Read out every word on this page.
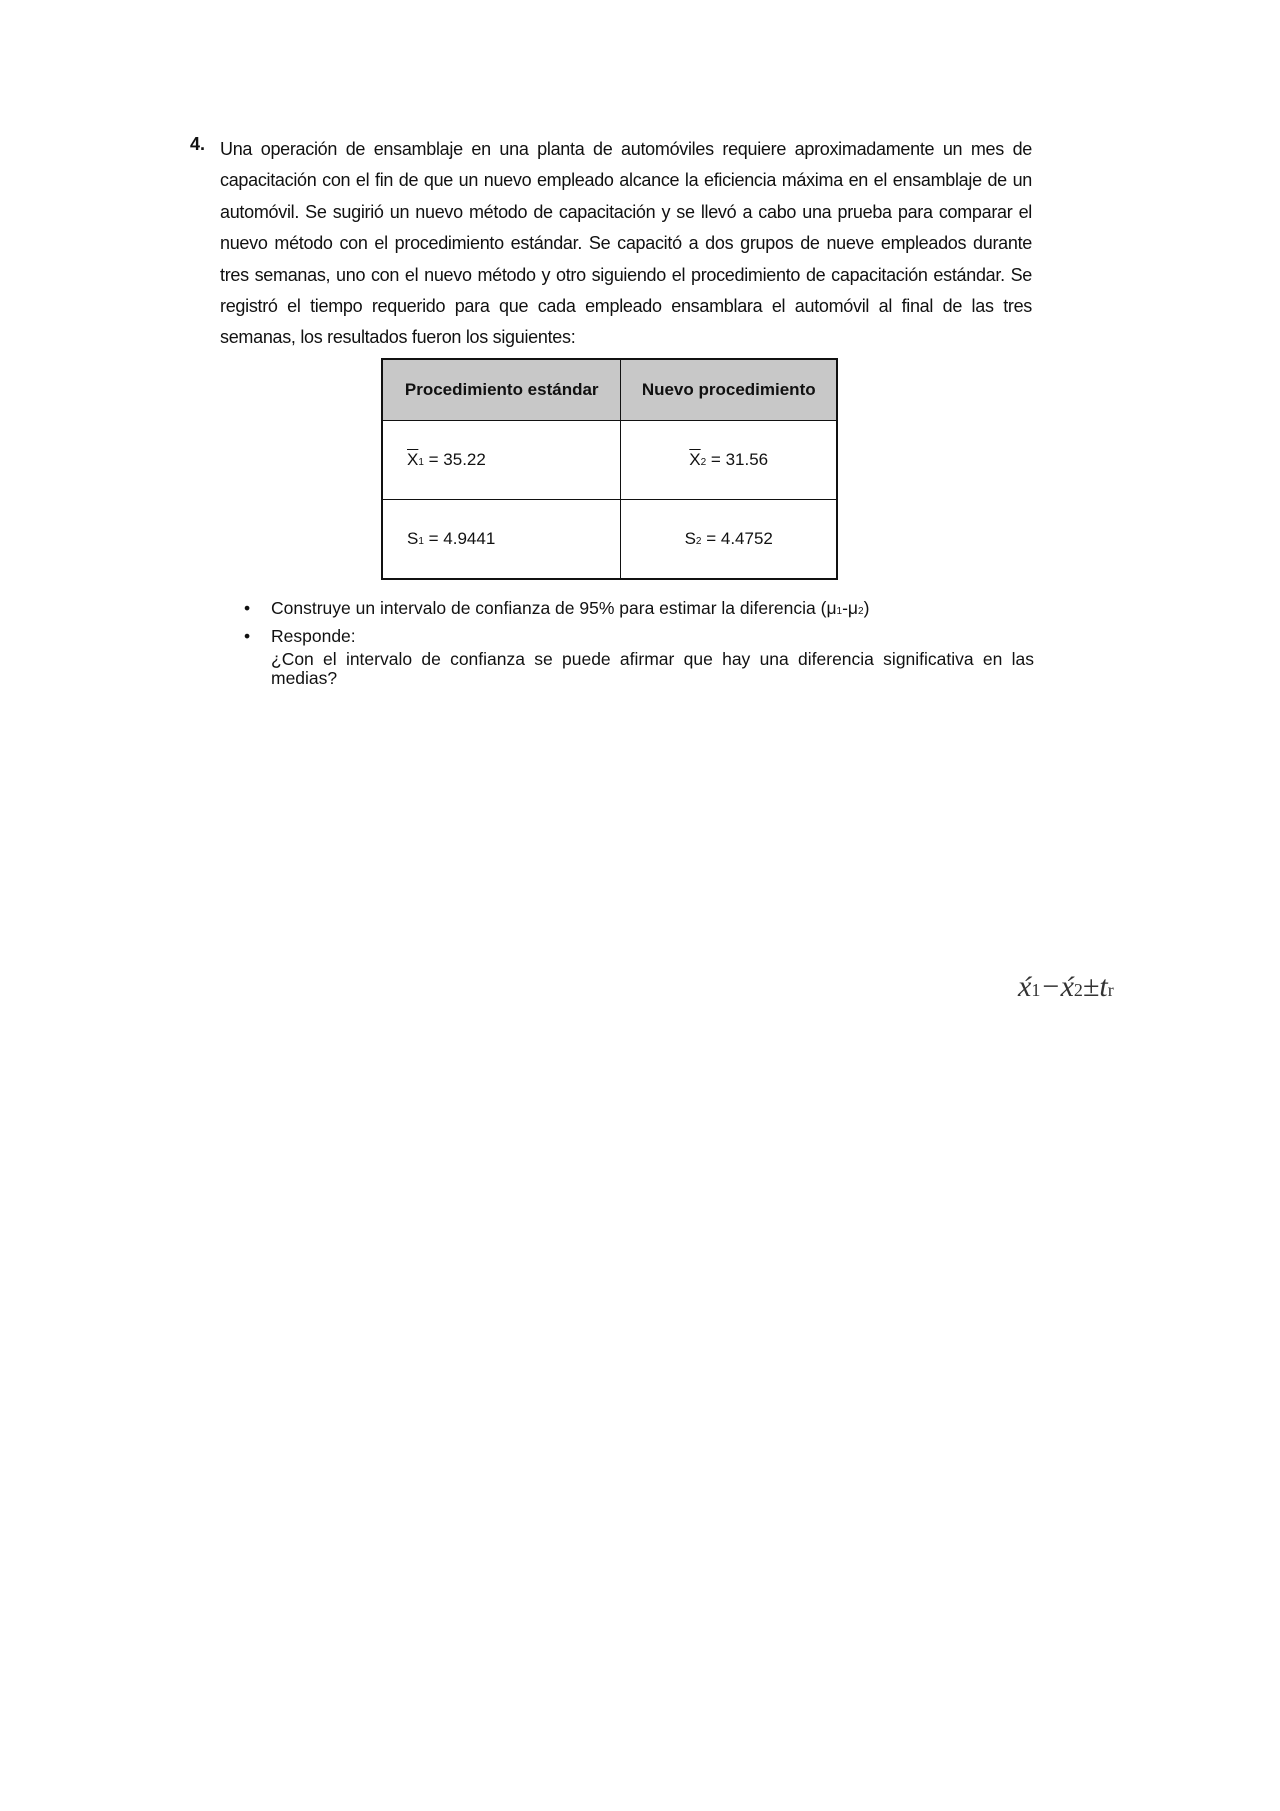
4. Una operación de ensamblaje en una planta de automóviles requiere aproximadamente un mes de capacitación con el fin de que un nuevo empleado alcance la eficiencia máxima en el ensamblaje de un automóvil. Se sugirió un nuevo método de capacitación y se llevó a cabo una prueba para comparar el nuevo método con el procedimiento estándar. Se capacitó a dos grupos de nueve empleados durante tres semanas, uno con el nuevo método y otro siguiendo el procedimiento de capacitación estándar. Se registró el tiempo requerido para que cada empleado ensamblara el automóvil al final de las tres semanas, los resultados fueron los siguientes:
Procedimiento estándar	Nuevo procedimiento
$\overline{X}1 = 35.22$	$\overline{X}2 = 31.56$
S1 = 4.9441	S2 = 4.4752
• Construye un intervalo de confianza de 95% para estimar la diferencia (μ1-μ2)
• Responde:
¿Con el intervalo de confianza se puede afirmar que hay una diferencia significativa en las medias?
x́1−x́2±tr
